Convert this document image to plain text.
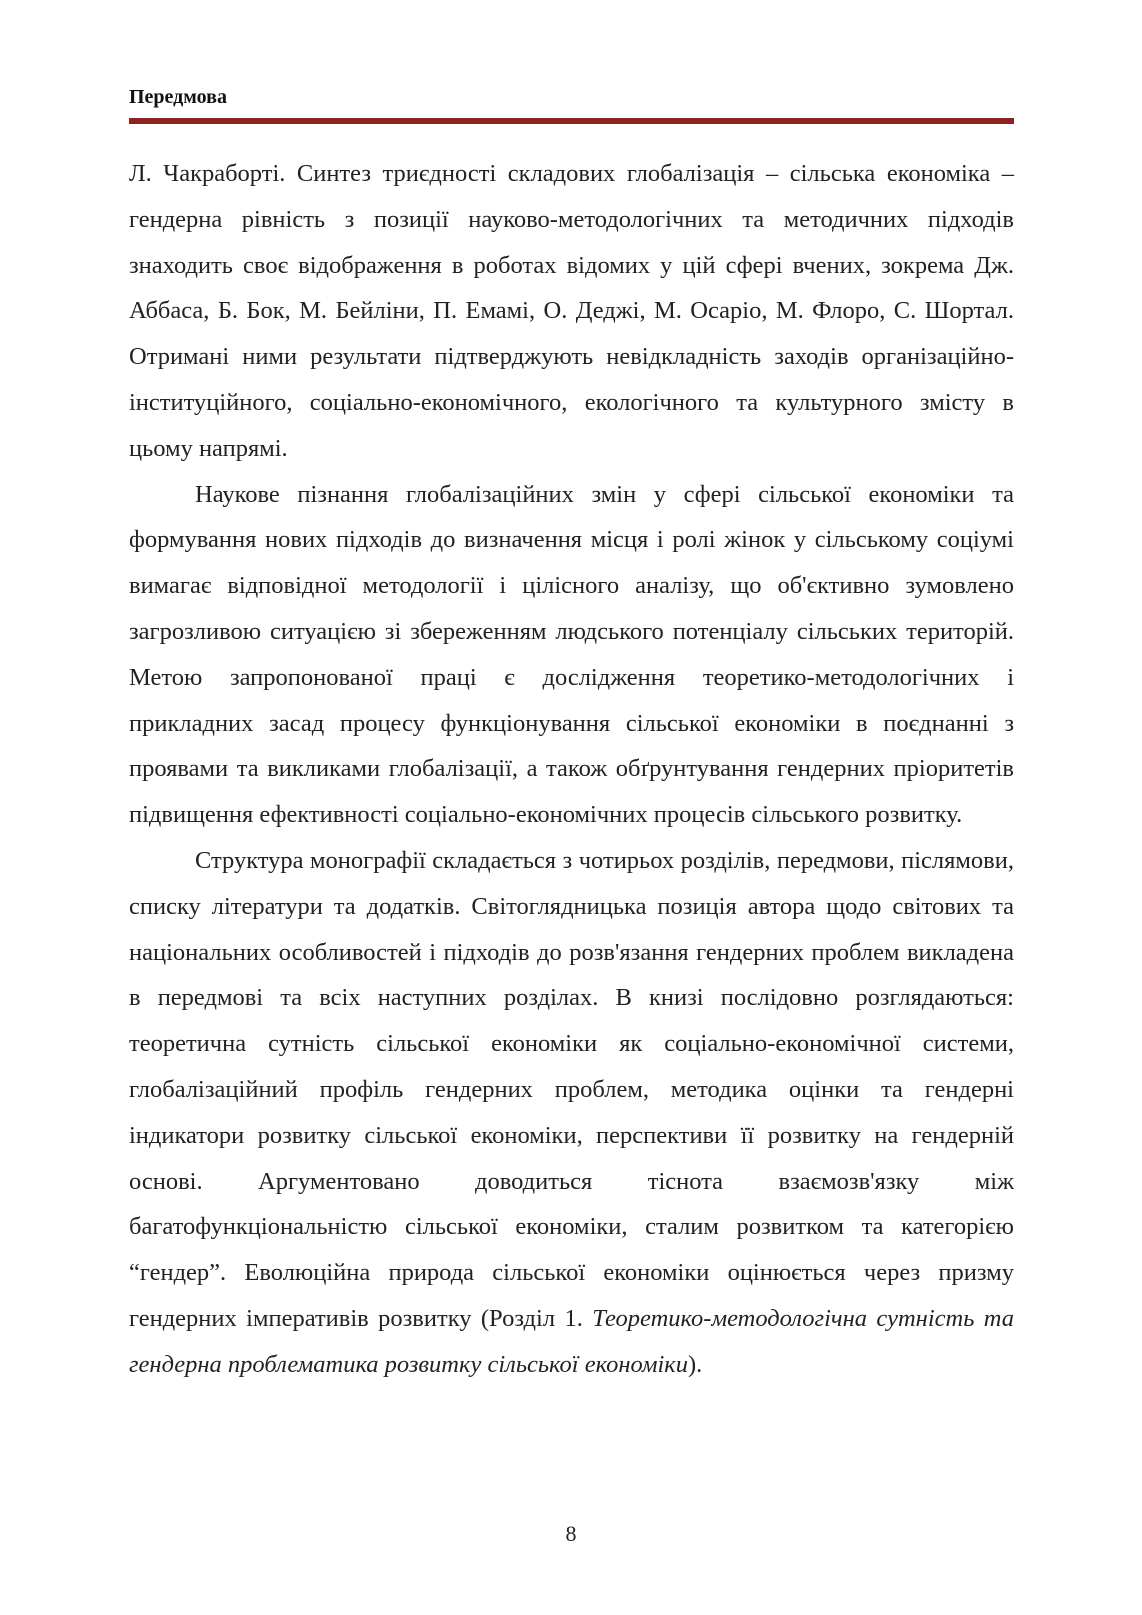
Передмова

Л. Чакраборті. Синтез триєдності складових глобалізація – сільська економіка – гендерна рівність з позиції науково-методологічних та методичних підходів знаходить своє відображення в роботах відомих у цій сфері вчених, зокрема Дж. Аббаса, Б. Бок, М. Бейліни, П. Емамі, О. Деджі, М. Осаріо, М. Флоро, С. Шортал. Отримані ними результати підтверджують невідкладність заходів організаційно-інституційного, соціально-економічного, екологічного та культурного змісту в цьому напрямі.

Наукове пізнання глобалізаційних змін у сфері сільської економіки та формування нових підходів до визначення місця і ролі жінок у сільському соціумі вимагає відповідної методології і цілісного аналізу, що об'єктивно зумовлено загрозливою ситуацією зі збереженням людського потенціалу сільських територій. Метою запропонованої праці є дослідження теоретико-методологічних і прикладних засад процесу функціонування сільської економіки в поєднанні з проявами та викликами глобалізації, а також обґрунтування гендерних пріоритетів підвищення ефективності соціально-економічних процесів сільського розвитку.

Структура монографії складається з чотирьох розділів, передмови, післямови, списку літератури та додатків. Світоглядницька позиція автора щодо світових та національних особливостей і підходів до розв'язання гендерних проблем викладена в передмові та всіх наступних розділах. В книзі послідовно розглядаються: теоретична сутність сільської економіки як соціально-економічної системи, глобалізаційний профіль гендерних проблем, методика оцінки та гендерні індикатори розвитку сільської економіки, перспективи її розвитку на гендерній основі. Аргументовано доводиться тіснота взаємозв'язку між багатофункціональністю сільської економіки, сталим розвитком та категорією “гендер”. Еволюційна природа сільської економіки оцінюється через призму гендерних імперативів розвитку (Розділ 1. Теоретико-методологічна сутність та гендерна проблематика розвитку сільської економіки).

8
